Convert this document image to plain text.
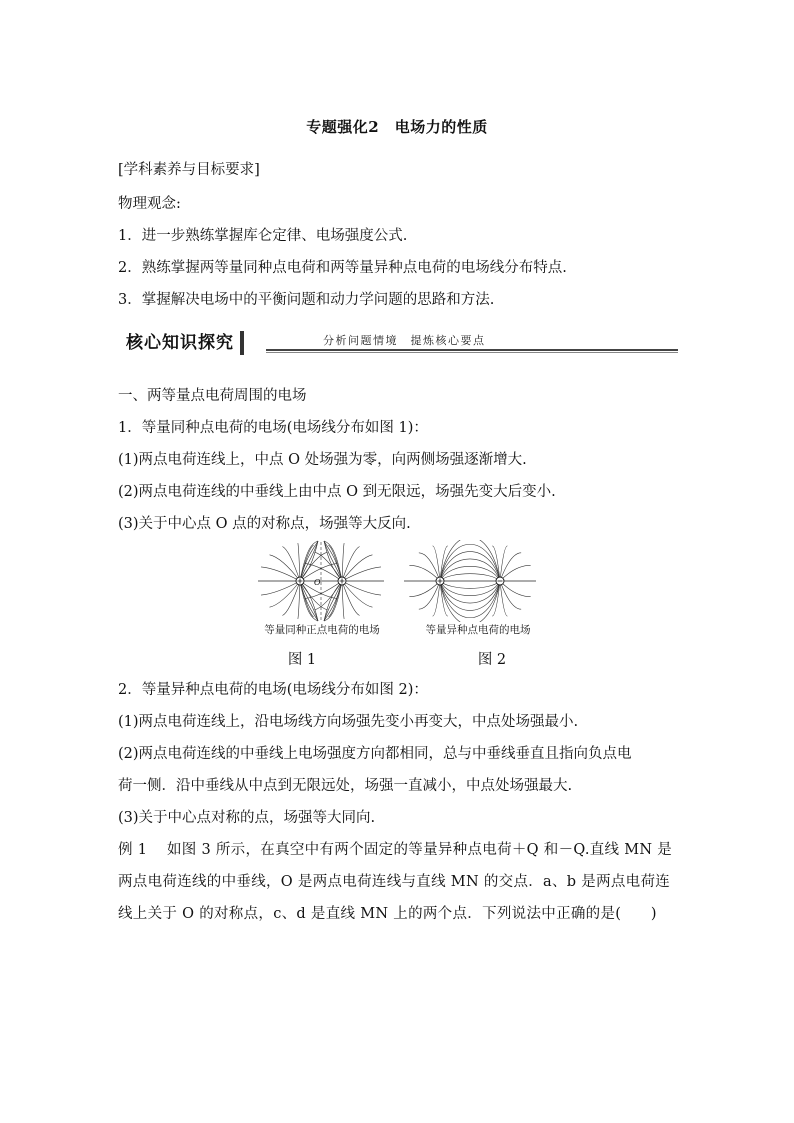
专题强化2　电场力的性质
[学科素养与目标要求]
物理观念:
1．进一步熟练掌握库仑定律、电场强度公式.
2．熟练掌握两等量同种点电荷和两等量异种点电荷的电场线分布特点.
3．掌握解决电场中的平衡问题和动力学问题的思路和方法.
核心知识探究	分析问题情境　提炼核心要点
一、两等量点电荷周围的电场
1．等量同种点电荷的电场(电场线分布如图 1)：
(1)两点电荷连线上，中点 O 处场强为零，向两侧场强逐渐增大.
(2)两点电荷连线的中垂线上由中点 O 到无限远，场强先变大后变小.
(3)关于中心点 O 点的对称点，场强等大反向.
O
等量同种正点电荷的电场
图 1
等量异种点电荷的电场
图 2
2．等量异种点电荷的电场(电场线分布如图 2)：
(1)两点电荷连线上，沿电场线方向场强先变小再变大，中点处场强最小.
(2)两点电荷连线的中垂线上电场强度方向都相同，总与中垂线垂直且指向负点电
荷一侧．沿中垂线从中点到无限远处，场强一直减小，中点处场强最大.
(3)关于中心点对称的点，场强等大同向.
例 1　 如图 3 所示，在真空中有两个固定的等量异种点电荷＋Q 和－Q.直线 MN 是
两点电荷连线的中垂线，O 是两点电荷连线与直线 MN 的交点．a、b 是两点电荷连
线上关于 O 的对称点，c、d 是直线 MN 上的两个点．下列说法中正确的是(　　)
